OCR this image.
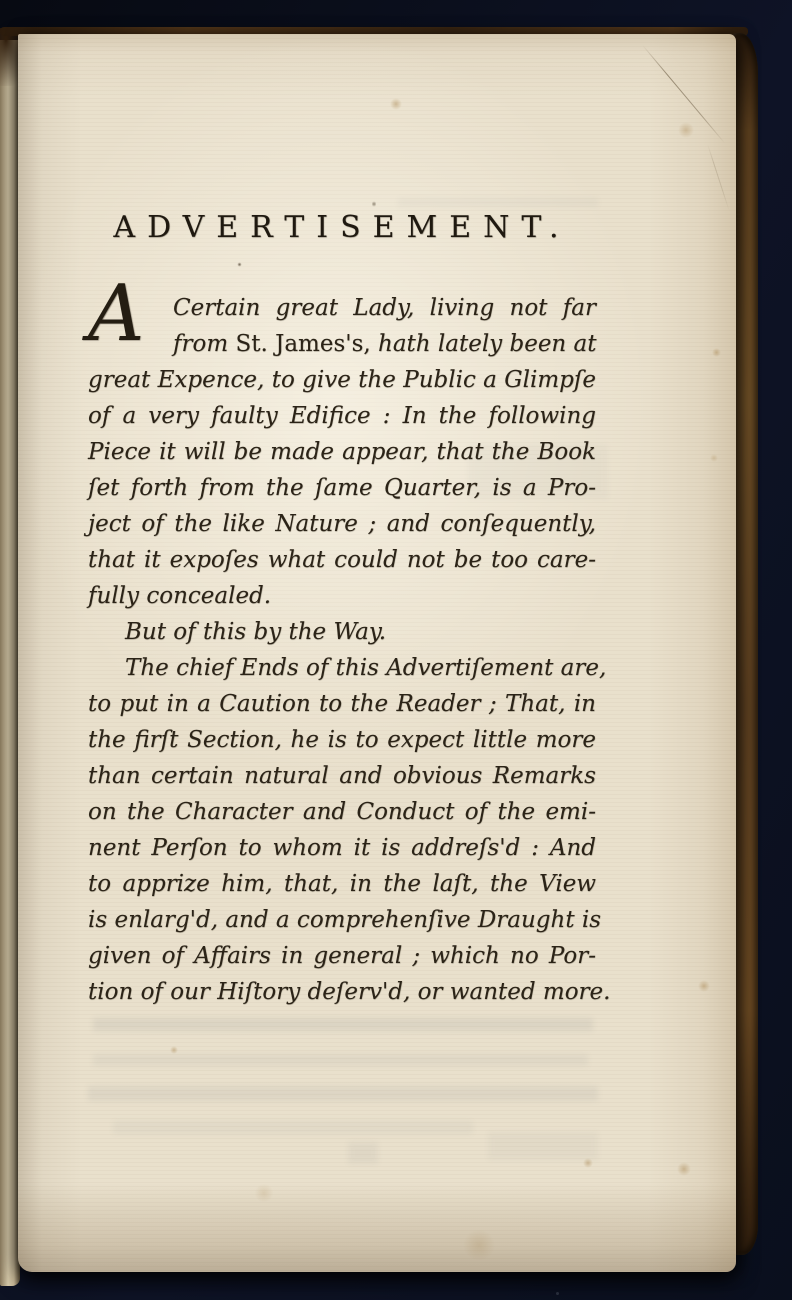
ADVERTISEMENT.
A	Certain great Lady, living not far
from St. James's, hath lately been at
great Expence, to give the Public a Glimpſe
of a very faulty Edifice : In the following
Piece it will be made appear, that the Book
ſet forth from the ſame Quarter, is a Pro-
ject of the like Nature ; and conſequently,
that it expoſes what could not be too care-
fully concealed.
But of this by the Way.
The chief Ends of this Advertiſement are,
to put in a Caution to the Reader ; That, in
the firſt Section, he is to expect little more
than certain natural and obvious Remarks
on the Character and Conduct of the emi-
nent Perſon to whom it is addreſs'd : And
to apprize him, that, in the laſt, the View
is enlarg'd, and a comprehenſive Draught is
given of Affairs in general ; which no Por-
tion of our Hiſtory deſerv'd, or wanted more.
